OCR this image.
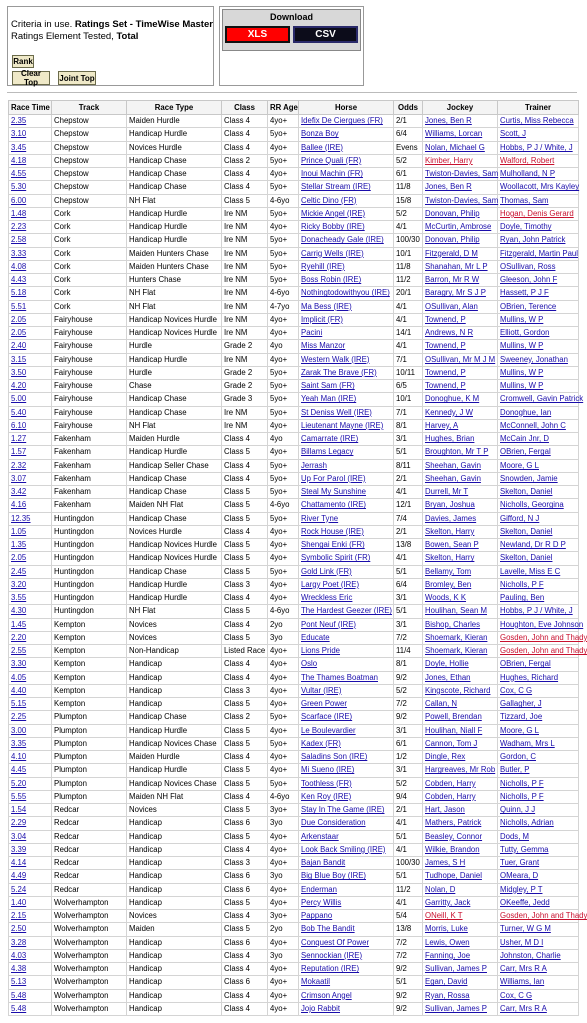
Criteria in use. Ratings Set - TimeWise Master
Ratings Element Tested, Total
Rank
Clear Top	Joint Top
Download
XLS	CSV
Race Time	Track	Race Type	Class	RR Age	Horse	Odds	Jockey	Trainer
2.35	Chepstow	Maiden Hurdle	Class 4	4yo+	Idefix De Ciergues (FR)	2/1	Jones, Ben R	Curtis, Miss Rebecca
3.10	Chepstow	Handicap Hurdle	Class 4	5yo+	Bonza Boy	6/4	Williams, Lorcan	Scott, J
3.45	Chepstow	Novices Hurdle	Class 4	4yo+	Ballee (IRE)	Evens	Nolan, Michael G	Hobbs, P J / White, J
4.18	Chepstow	Handicap Chase	Class 2	5yo+	Prince Quali (FR)	5/2	Kimber, Harry	Walford, Robert
4.55	Chepstow	Handicap Chase	Class 4	4yo+	Inoui Machin (FR)	6/1	Twiston-Davies, Sam	Mulholland, N P
5.30	Chepstow	Handicap Chase	Class 4	5yo+	Stellar Stream (IRE)	11/8	Jones, Ben R	Woollacott, Mrs Kayley
6.00	Chepstow	NH Flat	Class 5	4-6yo	Celtic Dino (FR)	15/8	Twiston-Davies, Sam	Thomas, Sam
1.48	Cork	Handicap Hurdle	Ire NM	5yo+	Mickie Angel (IRE)	5/2	Donovan, Philip	Hogan, Denis Gerard
2.23	Cork	Handicap Hurdle	Ire NM	4yo+	Ricky Bobby (IRE)	4/1	McCurtin, Ambrose	Doyle, Timothy
2.58	Cork	Handicap Hurdle	Ire NM	5yo+	Donacheady Gale (IRE)	100/30	Donovan, Philip	Ryan, John Patrick
3.33	Cork	Maiden Hunters Chase	Ire NM	5yo+	Carrig Wells (IRE)	10/1	Fitzgerald, D M	Fitzgerald, Martin Paul
4.08	Cork	Maiden Hunters Chase	Ire NM	5yo+	Ryehill (IRE)	11/8	Shanahan, Mr L P	OSullivan, Ross
4.43	Cork	Hunters Chase	Ire NM	5yo+	Boss Robin (IRE)	11/2	Barron, Mr R W	Gleeson, John F
5.18	Cork	NH Flat	Ire NM	4-6yo	Nothingtodowithyou (IRE)	20/1	Baragry, Mr S J P	Hassett, P J F
5.51	Cork	NH Flat	Ire NM	4-7yo	Ma Bess (IRE)	4/1	OSullivan, Alan	OBrien, Terence
2.05	Fairyhouse	Handicap Novices Hurdle	Ire NM	4yo+	Implicit (FR)	4/1	Townend, P	Mullins, W P
2.05	Fairyhouse	Handicap Novices Hurdle	Ire NM	4yo+	Pacini	14/1	Andrews, N R	Elliott, Gordon
2.40	Fairyhouse	Hurdle	Grade 2	4yo	Miss Manzor	4/1	Townend, P	Mullins, W P
3.15	Fairyhouse	Handicap Hurdle	Ire NM	4yo+	Western Walk (IRE)	7/1	OSullivan, Mr M J M	Sweeney, Jonathan
3.50	Fairyhouse	Hurdle	Grade 2	5yo+	Zarak The Brave (FR)	10/11	Townend, P	Mullins, W P
4.20	Fairyhouse	Chase	Grade 2	5yo+	Saint Sam (FR)	6/5	Townend, P	Mullins, W P
5.00	Fairyhouse	Handicap Chase	Grade 3	5yo+	Yeah Man (IRE)	10/1	Donoghue, K M	Cromwell, Gavin Patrick
5.40	Fairyhouse	Handicap Chase	Ire NM	5yo+	St Deniss Well (IRE)	7/1	Kennedy, J W	Donoghue, Ian
6.10	Fairyhouse	NH Flat	Ire NM	4yo+	Lieutenant Mayne (IRE)	8/1	Harvey, A	McConnell, John C
1.27	Fakenham	Maiden Hurdle	Class 4	4yo	Camarrate (IRE)	3/1	Hughes, Brian	McCain Jnr, D
1.57	Fakenham	Handicap Hurdle	Class 5	4yo+	Billams Legacy	5/1	Broughton, Mr T P	OBrien, Fergal
2.32	Fakenham	Handicap Seller Chase	Class 4	5yo+	Jerrash	8/11	Sheehan, Gavin	Moore, G L
3.07	Fakenham	Handicap Chase	Class 4	5yo+	Up For Parol (IRE)	2/1	Sheehan, Gavin	Snowden, Jamie
3.42	Fakenham	Handicap Chase	Class 5	5yo+	Steal My Sunshine	4/1	Durrell, Mr T	Skelton, Daniel
4.16	Fakenham	Maiden NH Flat	Class 5	4-6yo	Chattamento (IRE)	12/1	Bryan, Joshua	Nicholls, Georgina
12.35	Huntingdon	Handicap Chase	Class 5	5yo+	River Tyne	7/4	Davies, James	Gifford, N J
1.05	Huntingdon	Novices Hurdle	Class 4	4yo+	Rock House (IRE)	2/1	Skelton, Harry	Skelton, Daniel
1.35	Huntingdon	Handicap Novices Hurdle	Class 5	4yo+	Shengai Enki (FR)	13/8	Bowen, Sean P	Newland, Dr R D P
2.05	Huntingdon	Handicap Novices Hurdle	Class 5	4yo+	Symbolic Spirit (FR)	4/1	Skelton, Harry	Skelton, Daniel
2.45	Huntingdon	Handicap Chase	Class 5	5yo+	Gold Link (FR)	5/1	Bellamy, Tom	Lavelle, Miss E C
3.20	Huntingdon	Handicap Hurdle	Class 3	4yo+	Largy Poet (IRE)	6/4	Bromley, Ben	Nicholls, P F
3.55	Huntingdon	Handicap Hurdle	Class 4	4yo+	Wreckless Eric	3/1	Woods, K K	Pauling, Ben
4.30	Huntingdon	NH Flat	Class 5	4-6yo	The Hardest Geezer (IRE)	5/1	Houlihan, Sean M	Hobbs, P J / White, J
1.45	Kempton	Novices	Class 4	2yo	Pont Neuf (IRE)	3/1	Bishop, Charles	Houghton, Eve Johnson
2.20	Kempton	Novices	Class 5	3yo	Educate	7/2	Shoemark, Kieran	Gosden, John and Thady
2.55	Kempton	Non-Handicap	Listed Race	4yo+	Lions Pride	11/4	Shoemark, Kieran	Gosden, John and Thady
3.30	Kempton	Handicap	Class 4	4yo+	Oslo	8/1	Doyle, Hollie	OBrien, Fergal
4.05	Kempton	Handicap	Class 4	4yo+	The Thames Boatman	9/2	Jones, Ethan	Hughes, Richard
4.40	Kempton	Handicap	Class 3	4yo+	Vultar (IRE)	5/2	Kingscote, Richard	Cox, C G
5.15	Kempton	Handicap	Class 5	4yo+	Green Power	7/2	Callan, N	Gallagher, J
2.25	Plumpton	Handicap Chase	Class 2	5yo+	Scarface (IRE)	9/2	Powell, Brendan	Tizzard, Joe
3.00	Plumpton	Handicap Hurdle	Class 5	4yo+	Le Boulevardier	3/1	Houlihan, Niall F	Moore, G L
3.35	Plumpton	Handicap Novices Chase	Class 5	5yo+	Kadex (FR)	6/1	Cannon, Tom J	Wadham, Mrs L
4.10	Plumpton	Maiden Hurdle	Class 4	4yo+	Saladins Son (IRE)	1/2	Dingle, Rex	Gordon, C
4.45	Plumpton	Handicap Hurdle	Class 5	4yo+	Mi Sueno (IRE)	3/1	Hargreaves, Mr Rob	Butler, P
5.20	Plumpton	Handicap Novices Chase	Class 5	5yo+	Toothless (FR)	5/2	Cobden, Harry	Nicholls, P F
5.55	Plumpton	Maiden NH Flat	Class 4	4-6yo	Ken Roy (IRE)	9/4	Cobden, Harry	Nicholls, P F
1.54	Redcar	Novices	Class 5	3yo+	Stay In The Game (IRE)	2/1	Hart, Jason	Quinn, J J
2.29	Redcar	Handicap	Class 6	3yo	Due Consideration	4/1	Mathers, Patrick	Nicholls, Adrian
3.04	Redcar	Handicap	Class 5	4yo+	Arkenstaar	5/1	Beasley, Connor	Dods, M
3.39	Redcar	Handicap	Class 4	4yo+	Look Back Smiling (IRE)	4/1	Wilkie, Brandon	Tutty, Gemma
4.14	Redcar	Handicap	Class 3	4yo+	Bajan Bandit	100/30	James, S H	Tuer, Grant
4.49	Redcar	Handicap	Class 6	3yo	Big Blue Boy (IRE)	5/1	Tudhope, Daniel	OMeara, D
5.24	Redcar	Handicap	Class 6	4yo+	Enderman	11/2	Nolan, D	Midgley, P T
1.40	Wolverhampton	Handicap	Class 5	4yo+	Percy Willis	4/1	Garritty, Jack	OKeeffe, Jedd
2.15	Wolverhampton	Novices	Class 4	3yo+	Pappano	5/4	ONeill, K T	Gosden, John and Thady
2.50	Wolverhampton	Maiden	Class 5	2yo	Bob The Bandit	13/8	Morris, Luke	Turner, W G M
3.28	Wolverhampton	Handicap	Class 6	4yo+	Conquest Of Power	7/2	Lewis, Owen	Usher, M D I
4.03	Wolverhampton	Handicap	Class 4	3yo	Sennockian (IRE)	7/2	Fanning, Joe	Johnston, Charlie
4.38	Wolverhampton	Handicap	Class 4	4yo+	Reputation (IRE)	9/2	Sullivan, James P	Carr, Mrs R A
5.13	Wolverhampton	Handicap	Class 6	4yo+	Mokaatil	5/1	Egan, David	Williams, Ian
5.48	Wolverhampton	Handicap	Class 4	4yo+	Crimson Angel	9/2	Ryan, Rossa	Cox, C G
5.48	Wolverhampton	Handicap	Class 4	4yo+	Jojo Rabbit	9/2	Sullivan, James P	Carr, Mrs R A
